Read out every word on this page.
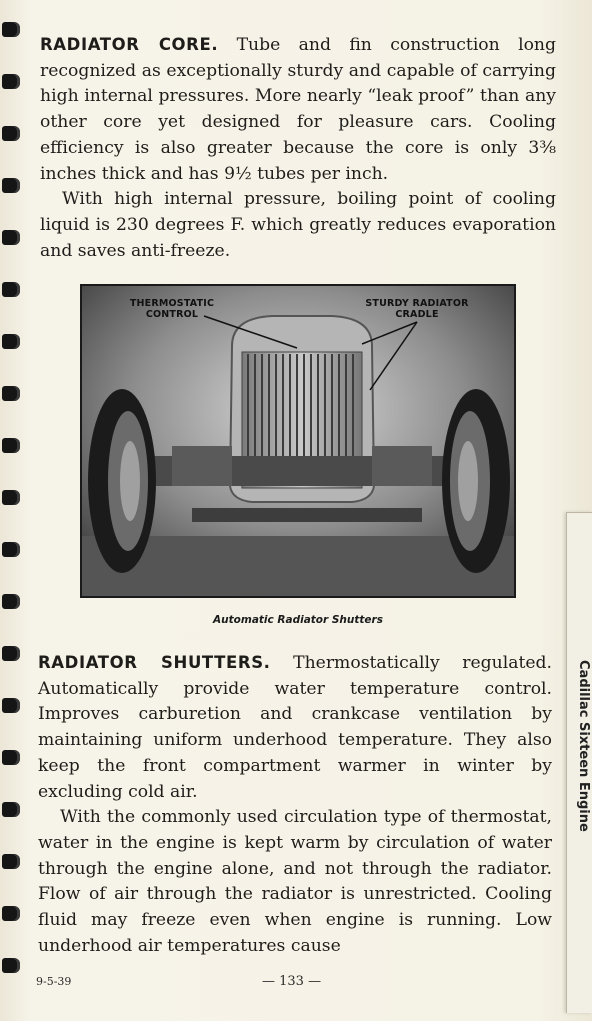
RADIATOR CORE. Tube and fin construction long recognized as exceptionally sturdy and capable of carrying high internal pressures. More nearly “leak proof” than any other core yet designed for pleasure cars. Cooling efficiency is also greater because the core is only 3⅜ inches thick and has 9½ tubes per inch.

With high internal pressure, boiling point of cooling liquid is 230 degrees F. which greatly reduces evaporation and saves anti-freeze.

THERMOSTATIC CONTROL
STURDY RADIATOR CRADLE
Automatic Radiator Shutters

RADIATOR SHUTTERS. Thermostatically regulated. Automatically provide water temperature control. Improves carburetion and crankcase ventilation by maintaining uniform underhood temperature. They also keep the front compartment warmer in winter by excluding cold air.

With the commonly used circulation type of thermostat, water in the engine is kept warm by circulation of water through the engine alone, and not through the radiator. Flow of air through the radiator is unrestricted. Cooling fluid may freeze even when engine is running. Low underhood air temperatures cause

Cadillac Sixteen Engine
9-5-39	— 133 —
